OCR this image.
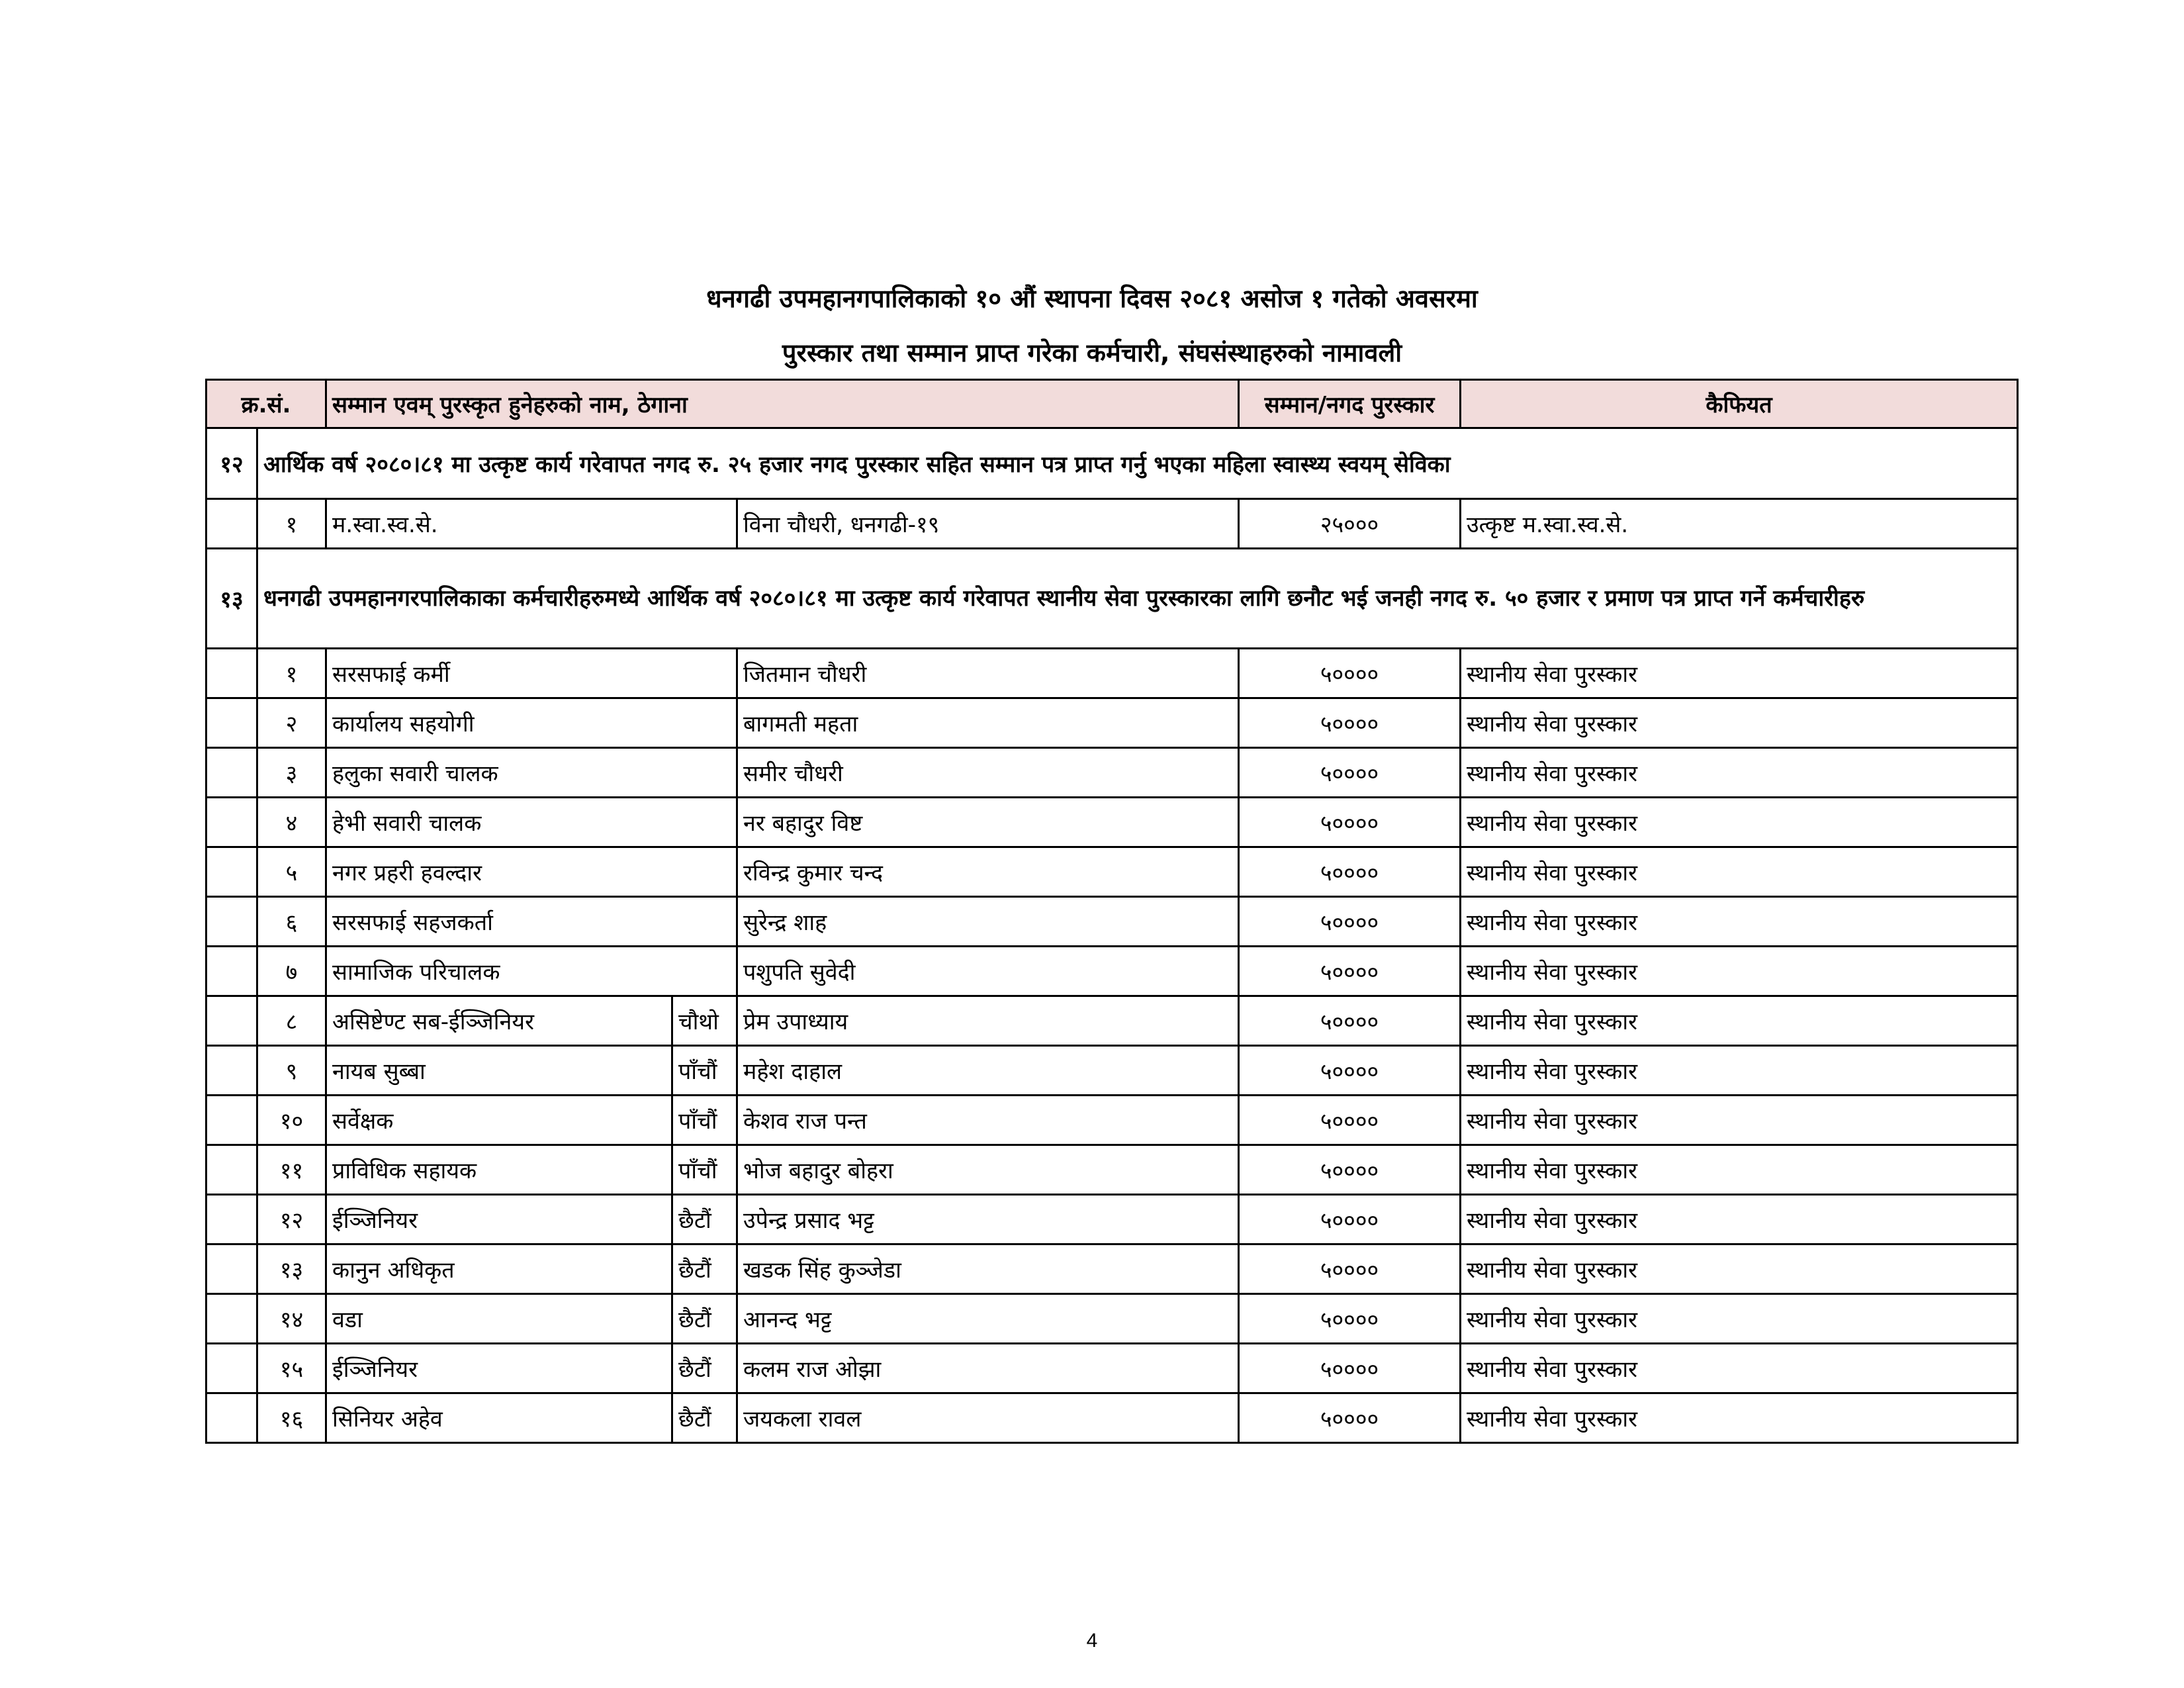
धनगढी उपमहानगपालिकाको १० औं स्थापना दिवस २०८१ असोज १ गतेको अवसरमा
पुरस्कार तथा सम्मान प्राप्त गरेका कर्मचारी, संघसंस्थाहरुको नामावली
क्र.सं.		सम्मान एवम् पुरस्कृत हुनेहरुको नाम, ठेगाना			सम्मान/नगद पुरस्कार	कैफियत
१२	आर्थिक वर्ष २०८०।८१ मा उत्कृष्ट कार्य गरेवापत नगद रु. २५ हजार नगद पुरस्कार सहित सम्मान पत्र प्राप्त गर्नु भएका महिला स्वास्थ्य स्वयम् सेविका					
	१	म.स्वा.स्व.से.		विना चौधरी, धनगढी-१९	२५०००	उत्कृष्ट म.स्वा.स्व.से.
१३	धनगढी उपमहानगरपालिकाका कर्मचारीहरुमध्ये आर्थिक वर्ष २०८०।८१ मा उत्कृष्ट कार्य गरेवापत स्थानीय सेवा पुरस्कारका लागि छनौट भई जनही नगद रु. ५० हजार र प्रमाण पत्र प्राप्त गर्ने कर्मचारीहरु					
	१	सरसफाई कर्मी		जितमान चौधरी	५००००	स्थानीय सेवा पुरस्कार
	२	कार्यालय सहयोगी		बागमती महता	५००००	स्थानीय सेवा पुरस्कार
	३	हलुका सवारी चालक		समीर चौधरी	५००००	स्थानीय सेवा पुरस्कार
	४	हेभी सवारी चालक		नर बहादुर विष्ट	५००००	स्थानीय सेवा पुरस्कार
	५	नगर प्रहरी हवल्दार		रविन्द्र कुमार चन्द	५००००	स्थानीय सेवा पुरस्कार
	६	सरसफाई सहजकर्ता		सुरेन्द्र शाह	५००००	स्थानीय सेवा पुरस्कार
	७	सामाजिक परिचालक		पशुपति सुवेदी	५००००	स्थानीय सेवा पुरस्कार
	८	असिष्टेण्ट सब-ईञ्जिनियर	चौथो	प्रेम उपाध्याय	५००००	स्थानीय सेवा पुरस्कार
	९	नायब सुब्बा	पाँचौं	महेश दाहाल	५००००	स्थानीय सेवा पुरस्कार
	१०	सर्वेक्षक	पाँचौं	केशव राज पन्त	५००००	स्थानीय सेवा पुरस्कार
	११	प्राविधिक सहायक	पाँचौं	भोज बहादुर बोहरा	५००००	स्थानीय सेवा पुरस्कार
	१२	ईञ्जिनियर	छैटौं	उपेन्द्र प्रसाद भट्ट	५००००	स्थानीय सेवा पुरस्कार
	१३	कानुन अधिकृत	छैटौं	खडक सिंह कुञ्जेडा	५००००	स्थानीय सेवा पुरस्कार
	१४	वडा	छैटौं	आनन्द भट्ट	५००००	स्थानीय सेवा पुरस्कार
	१५	ईञ्जिनियर	छैटौं	कलम राज ओझा	५००००	स्थानीय सेवा पुरस्कार
	१६	सिनियर अहेव	छैटौं	जयकला रावल	५००००	स्थानीय सेवा पुरस्कार
4
